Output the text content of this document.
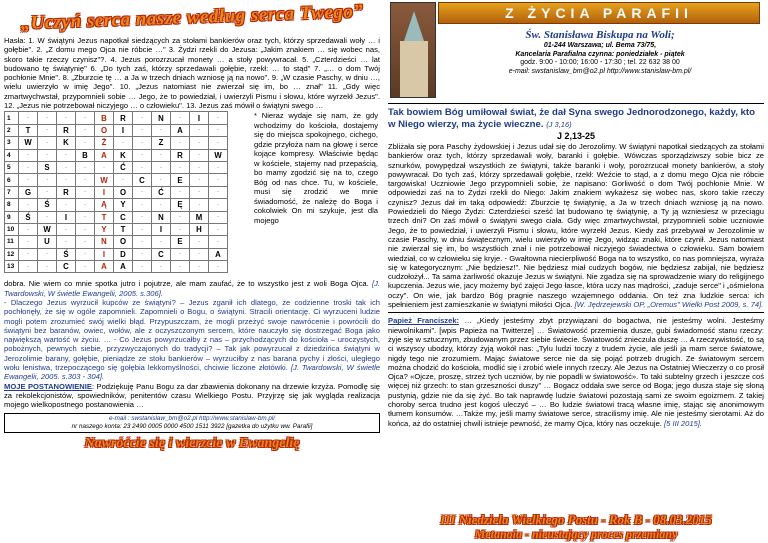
„Uczyń serca nasze według serca Twego”
Hasła: 1. W świątyni Jezus napotkał siedzących za stołami bankierów oraz tych, którzy sprzedawali woły … i gołębie". 2. „Z domu mego Ojca nie róbcie …" 3. Żydzi rzekli do Jezusa: „Jakim znakiem … się wobec nas, skoro takie rzeczy czynisz"?. 4. Jezus porozrzucał monety … a stoły powywracał. 5. „Czterdzieści … lat budowano tę świątynię" 6. „Do tych zaś, którzy sprzedawali gołębie, rzekł: … to stąd" 7. „… o dom Twój pochłonie Mnie". 8. „Zburzcie tę … a Ja w trzech dniach wzniosę ją na nowo". 9. „W czasie Paschy, w dniu …, wielu uwierzyło w imię Jego". 10. „Jezus natomiast nie zwierzał się im, bo … znał" 11. „Gdy więc zmartwychwstał, przypomnieli sobie … Jego, że to powiedział, i uwierzyli Pismu i słowu, które wyrzekł Jezus". 12. „Jezus nie potrzebował niczyjego … o człowieku". 13. Jezus zaś mówił o świątyni swego …
1	·	·	·	·	B	R	·	N	·	I	·
2	T	·	R	·	O	I	·	·	A	·	·
3	W	·	K	·	Ż	·	·	Z	·	·	·
4	·	·	·	B	A	K	·	·	R	·	W
5	·	S	·	·	·	Ć	·	·	·	·	·
6	·	·	·	·	W	·	C	·	E	·	·
7	G	·	R	·	I	O	·	Ć	·	·	·
8	·	Ś	·	·	Ą	Y	·	·	Ę	·	·
9	Ś	·	I	·	T	C	·	N	·	M	·
10	·	W	·	·	Y	T	·	I	·	H	·
11	·	U	·	·	N	O	·	·	E	·	·
12	·	·	Ś	·	I	D	·	C	·	·	A
13	·	·	C	·	A	A	·	·	·	·	·
* Nieraz wydaje się nam, że gdy wchodzimy do kościoła, dostajemy się do miejsca spokojnego, cichego, gdzie przyłoża nam na głowę i serce kojące kompresy. Właściwie będąc w kościele, stajemy nad przepaścią, bo mamy zgodzić się na to, czego Bóg od nas chce. Tu, w kościele, musi się zrodzić we mnie świadomość, że należę do Boga i cokolwiek On mi szykuje, jest dla mojego
dobra. Nie wiem co mnie spotka jutro i pojutrze, ale mam zaufać, że to wszystko jest z woli Boga Ojca. [J. Twardowski, W świetle Ewangelii, 2005. s.306].
- Dlaczego Jezus wyrzucił kupców ze świątyni? – Jezus zganił ich dlatego, że codzienne troski tak ich pochłonęły, że się w ogóle zapomnieli. Zapomnieli o Bogu, o świątyni. Stracili orientację. Ci wyrzuceni ludzie mogli potem zrozumieć swój wielki błąd. Przypuszczam, że mogli przeżyć swoje nawrócenie i powrócili do świątyni bez baranów, owiec, wołów, ale z oczyszczonym sercem, które nauczyło się dostrzegać Boga jako największą wartość w życiu. … - Co Jezus powyrzucałby z nas – przychodzących do kościoła – uroczystych, pobożnych, pewnych siebie, przyzwyczajonych do tradycji? – Tak jak powyrzucał z dziedzińca świątyni w Jerozolimie barany, gołębie, pieniądze ze stołu bankierów – wyrzuciłby z nas barana pychy i złości, uległego wołu lenistwa, trzepoczącego się gołębia lekkomyślności, chciwie liczone złotówki. [J. Twardowski, W świetle Ewangelii, 2005. s.303 - 304].
MOJE POSTANOWIENIE: Podziękuję Panu Bogu za dar zbawienia dokonany na drzewie krzyża. Pomodlę się za rekolekcjonistów, spowiedników, penitentów czasu Wielkiego Postu. Przyjrzę się jak wygląda realizacja mojego wielkopostnego postanowienia …
e-mail : swstanislaw_bm@o2.pl http://www.stanislaw-bm.pl/
nr naszego konta: 23 2490 0005 0000 4500 1511 3922 [gazetka do użytku ww. Parafii]
Nawróćcie się i wierzcie w Ewangelię
Z ŻYCIA PARAFII
Św. Stanisława Biskupa na Woli;
01-244 Warszawa; ul. Bema 73/75,
Kancelaria Parafialna czynna: poniedziałek - piątek
godz. 9:00 - 10:00; 16:00 - 17:30 ; tel. 22 632 38 00
e-mail: swstanislaw_bm@o2.pl http://www.stanislaw-bm.pl/
Tak bowiem Bóg umiłował świat, że dał Syna swego Jednorodzonego, każdy, kto w Niego wierzy, ma życie wieczne. (J 3,16)
J 2,13-25
Zbliżała się pora Paschy żydowskiej i Jezus udał się do Jerozolimy. W świątyni napotkał siedzących za stołami bankierów oraz tych, którzy sprzedawali woły, baranki i gołębie. Wówczas sporządziwszy sobie bicz ze sznurków, powypędzał wszystkich ze świątyni, także baranki i woły, porozrzucał monety bankierów, a stoły powywracał. Do tych zaś, którzy sprzedawali gołębie, rzekł: Weźcie to stąd, a z domu mego Ojca nie róbcie targowiska! Uczniowie Jego przypomnieli sobie, że napisano: Gorliwość o dom Twój pochłonie Mnie. W odpowiedzi zaś na to Żydzi rzekli do Niego: Jakim znakiem wykażesz się wobec nas, skoro takie rzeczy czynisz? Jezus dał im taką odpowiedź: Zburzcie tę świątynię, a Ja w trzech dniach wzniosę ją na nowo. Powiedzieli do Niego Żydzi: Czterdzieści sześć lat budowano tę świątynię, a Ty ją wzniesiesz w przeciągu trzech dni? On zaś mówił o świątyni swego ciała. Gdy więc zmartwychwstał, przypomnieli sobie uczniowie Jego, że to powiedział, i uwierzyli Pismu i słowu, które wyrzekł Jezus. Kiedy zaś przebywał w Jerozolimie w czasie Paschy, w dniu świątecznym, wielu uwierzyło w imię Jego, widząc znaki, które czynił. Jezus natomiast nie zwierzał się im, bo wszystkich znał i nie potrzebował niczyjego świadectwa o człowieku. Sam bowiem wiedział, co w człowieku się kryje. - Gwałtowna niecierpliwość Boga na to wszystko, co nas pomniejsza, wyraża się w kategorycznym: „Nie będziesz!". Nie będziesz miał cudzych bogów, nie będziesz zabijał, nie będziesz cudzołożył... Ta sama żarliwość okazuje Jezus w świątyni. Nie zgadza się na sprowadzenie wiary do religijnego kupczenia. Jezus wie, jacy możemy być zajęci Jego łasce, która uczy nas mądrości, „zaduje serce" i „ośmielona oczy". On wie, jak bardzo Bóg pragnie naszego wzajemnego oddania. On też zna ludzkie serca: ich spełnieniem jest zamieszkanie w świątyni miłości Ojca. [W. Jędrzejewski OP, „Oremus" Wielki Post 2009, s. 74].
Papież Franciszek: … „Kiedy jesteśmy zbyt przywiązani do bogactwa, nie jesteśmy wolni. Jesteśmy niewolnikami". [wpis Papieża na Twitterze] … Światowość przemienia dusze, gubi świadomość stanu rzeczy: żyje się w sztucznym, zbudowanym przez siebie świecie. Światowość znieczula duszę … A rzeczywistość, to są ci wszyscy ubodzy, którzy żyją wokół nas: „Tylu ludzi toczy z trudem życie, ale jeśli ja mam serce światowe, nigdy tego nie zrozumiem. Mając światowe serce nie da się pojąć potrzeb drugich. Ze światowym sercem można chodzić do kościoła, modlić się i zrobić wiele innych rzeczy. Ale Jezus na Ostatniej Wieczerzy o co prosił Ojca? «Ojcze, proszę, strzeż tych uczniów, by nie popadli w światowość». To taki subtelny grzech i jeszcze coś więcej niż grzech: to stan grzeszności duszy" … Bogacz oddała swe serce od Boga; jego dusza staje się słoną pustynią, gdzie nie da się żyć. Bo tak naprawdę ludzie światowi pozostają sami ze swoim egoizmem. Z takiej choroby serca trudno jest kogoś uleczyć – … Bo ludzie światowi tracą własne imię, stając się anonimowym tłumem konsumów. …Także my, jeśli mamy światowe serce, stracilismy imię. Ale nie jesteśmy sierotami. Aż do końca, aż do ostatniej chwili istnieje pewność, że mamy Ojca, który nas oczekuje. [5 III 2015].
III Niedziela Wielkiego Postu - Rok B - 08.03.2015
Metanoia - nieustający proces przemiany
